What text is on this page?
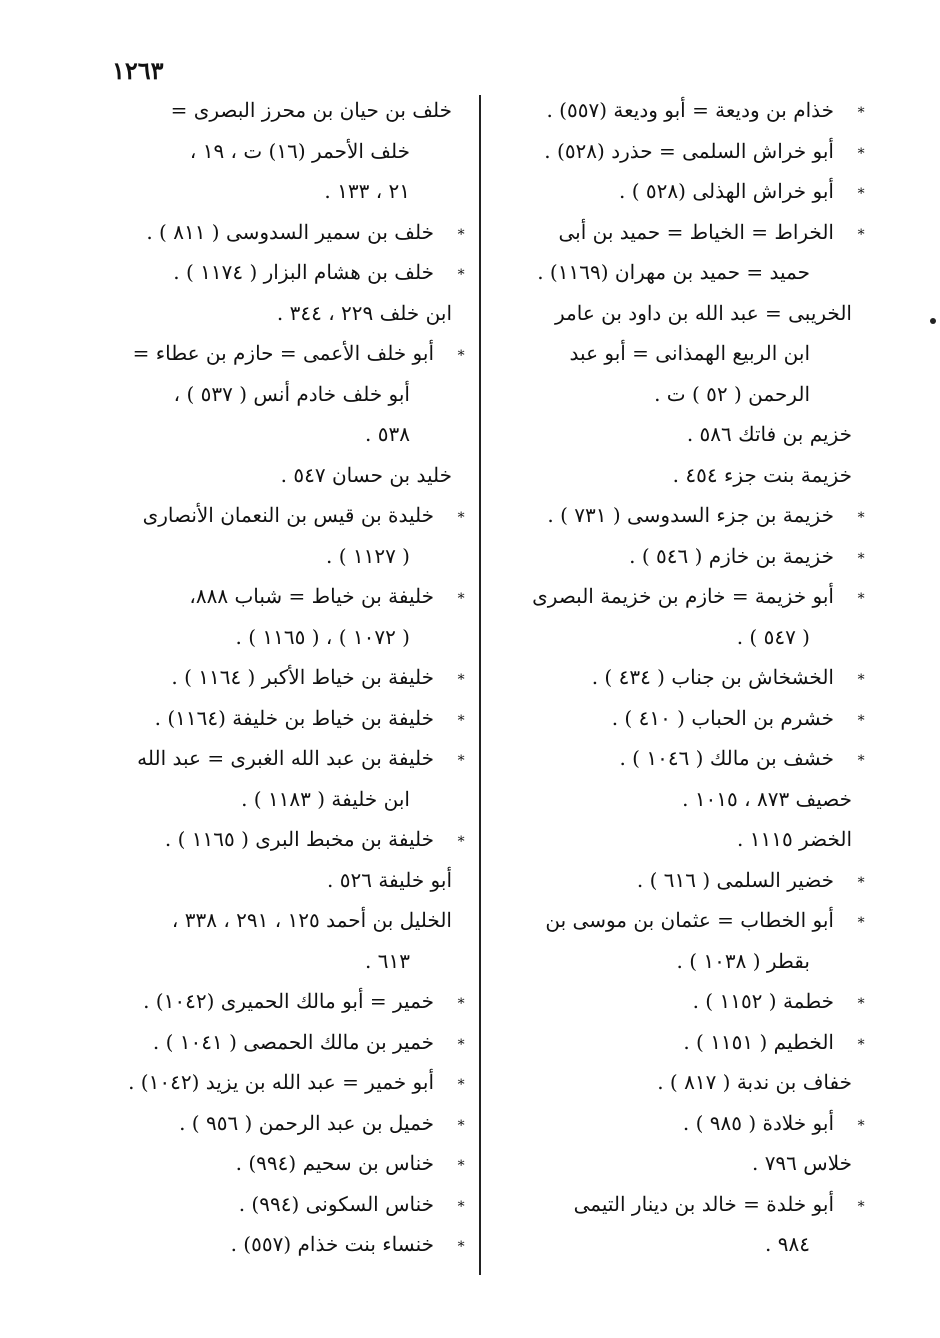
١٢٦٣
∗
خذام بن وديعة = أبو وديعة (٥٥٧) .
∗
أبو خراش السلمى = حذرد (٥٢٨) .
∗
أبو خراش الهذلى (٥٢٨ ) .
∗
الخراط = الخياط = حميد بن أبى
حميد = حميد بن مهران (١١٦٩) .
الخريبى = عبد الله بن داود بن عامر
ابن الربيع الهمذانى = أبو عبد
الرحمن ( ٥٢ ) ت .
خزيم بن فاتك ٥٨٦ .
خزيمة بنت جزء ٤٥٤ .
∗
خزيمة بن جزء السدوسى ( ٧٣١ ) .
∗
خزيمة بن خازم ( ٥٤٦ ) .
∗
أبو خزيمة = خازم بن خزيمة البصرى
( ٥٤٧ ) .
∗
الخشخاش بن جناب ( ٤٣٤ ) .
∗
خشرم بن الحباب ( ٤١٠ ) .
∗
خشف بن مالك ( ١٠٤٦ ) .
خصيف ٨٧٣ ، ١٠١٥ .
الخضر ١١١٥ .
∗
خضير السلمى ( ٦١٦ ) .
∗
أبو الخطاب = عثمان بن موسى بن
بقطر ( ١٠٣٨ ) .
∗
خطمة ( ١١٥٢ ) .
∗
الخطيم ( ١١٥١ ) .
خفاف بن ندبة ( ٨١٧ ) .
∗
أبو خلادة ( ٩٨٥ ) .
خلاس ٧٩٦ .
∗
أبو خلدة = خالد بن دينار التيمى
٩٨٤ .
خلف بن حيان بن محرز البصرى =
خلف الأحمر (١٦) ت ، ١٩ ،
٢١ ، ١٣٣ .
∗
خلف بن سمير السدوسى ( ٨١١ ) .
∗
خلف بن هشام البزار ( ١١٧٤ ) .
ابن خلف ٢٢٩ ، ٣٤٤ .
∗
أبو خلف الأعمى = حازم بن عطاء =
أبو خلف خادم أنس ( ٥٣٧ ) ،
٥٣٨ .
خليد بن حسان ٥٤٧ .
∗
خليدة بن قيس بن النعمان الأنصارى
( ١١٢٧ ) .
∗
خليفة بن خياط = شباب ٨٨٨،
( ١٠٧٢ ) ، ( ١١٦٥ ) .
∗
خليفة بن خياط الأكبر ( ١١٦٤ ) .
∗
خليفة بن خياط بن خليفة (١١٦٤) .
∗
خليفة بن عبد الله الغبرى = عبد الله
ابن خليفة ( ١١٨٣ ) .
∗
خليفة بن مخبط البرى ( ١١٦٥ ) .
أبو خليفة ٥٢٦ .
الخليل بن أحمد ١٢٥ ، ٢٩١ ، ٣٣٨ ،
٦١٣ .
∗
خمير = أبو مالك الحميرى (١٠٤٢) .
∗
خمير بن مالك الحمصى ( ١٠٤١ ) .
∗
أبو خمير = عبد الله بن يزيد (١٠٤٢) .
∗
خميل بن عبد الرحمن ( ٩٥٦ ) .
∗
خناس بن سحيم (٩٩٤) .
∗
خناس السكونى (٩٩٤) .
∗
خنساء بنت خذام (٥٥٧) .
